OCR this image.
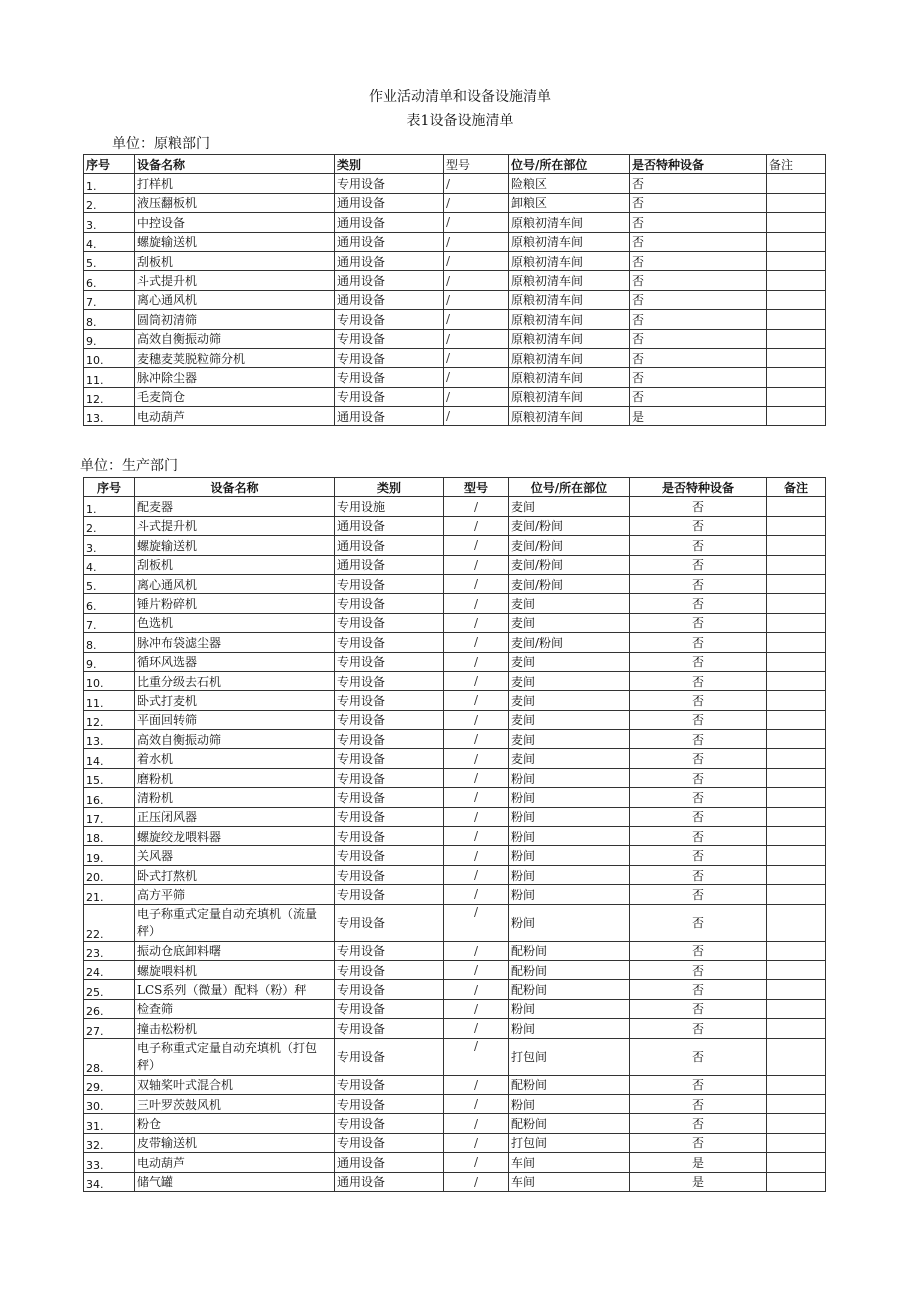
作业活动清单和设备设施清单
表1设备设施清单
单位：原粮部门
序号	设备名称	类别	型号	位号/所在部位	是否特种设备	备注
1.	打样机	专用设备	/	险粮区	否	
2.	液压翻板机	通用设备	/	卸粮区	否	
3.	中控设备	通用设备	/	原粮初清车间	否	
4.	螺旋输送机	通用设备	/	原粮初清车间	否	
5.	刮板机	通用设备	/	原粮初清车间	否	
6.	斗式提升机	通用设备	/	原粮初清车间	否	
7.	离心通风机	通用设备	/	原粮初清车间	否	
8.	圆筒初清筛	专用设备	/	原粮初清车间	否	
9.	高效自衡振动筛	专用设备	/	原粮初清车间	否	
10.	麦穗麦荚脱粒筛分机	专用设备	/	原粮初清车间	否	
11.	脉冲除尘器	专用设备	/	原粮初清车间	否	
12.	毛麦筒仓	专用设备	/	原粮初清车间	否	
13.	电动葫芦	通用设备	/	原粮初清车间	是	
单位：生产部门
序号	设备名称	类别	型号	位号/所在部位	是否特种设备	备注
1.	配麦器	专用设施	/	麦间	否	
2.	斗式提升机	通用设备	/	麦间/粉间	否	
3.	螺旋输送机	通用设备	/	麦间/粉间	否	
4.	刮板机	通用设备	/	麦间/粉间	否	
5.	离心通风机	专用设备	/	麦间/粉间	否	
6.	锤片粉碎机	专用设备	/	麦间	否	
7.	色选机	专用设备	/	麦间	否	
8.	脉冲布袋滤尘器	专用设备	/	麦间/粉间	否	
9.	循环风选器	专用设备	/	麦间	否	
10.	比重分级去石机	专用设备	/	麦间	否	
11.	卧式打麦机	专用设备	/	麦间	否	
12.	平面回转筛	专用设备	/	麦间	否	
13.	高效自衡振动筛	专用设备	/	麦间	否	
14.	着水机	专用设备	/	麦间	否	
15.	磨粉机	专用设备	/	粉间	否	
16.	清粉机	专用设备	/	粉间	否	
17.	正压闭风器	专用设备	/	粉间	否	
18.	螺旋绞龙喂料器	专用设备	/	粉间	否	
19.	关风器	专用设备	/	粉间	否	
20.	卧式打熬机	专用设备	/	粉间	否	
21.	高方平筛	专用设备	/	粉间	否	
22.	电子称重式定量自动充填机（流量秤）	专用设备	/	粉间	否	
23.	振动仓底卸料曙	专用设备	/	配粉间	否	
24.	螺旋喂料机	专用设备	/	配粉间	否	
25.	LCS系列（微量）配料（粉）秤	专用设备	/	配粉间	否	
26.	检查筛	专用设备	/	粉间	否	
27.	撞击松粉机	专用设备	/	粉间	否	
28.	电子称重式定量自动充填机（打包秤）	专用设备	/	打包间	否	
29.	双轴桨叶式混合机	专用设备	/	配粉间	否	
30.	三叶罗茨鼓风机	专用设备	/	粉间	否	
31.	粉仓	专用设备	/	配粉间	否	
32.	皮带输送机	专用设备	/	打包间	否	
33.	电动葫芦	通用设备	/	车间	是	
34.	储气罐	通用设备	/	车间	是	
